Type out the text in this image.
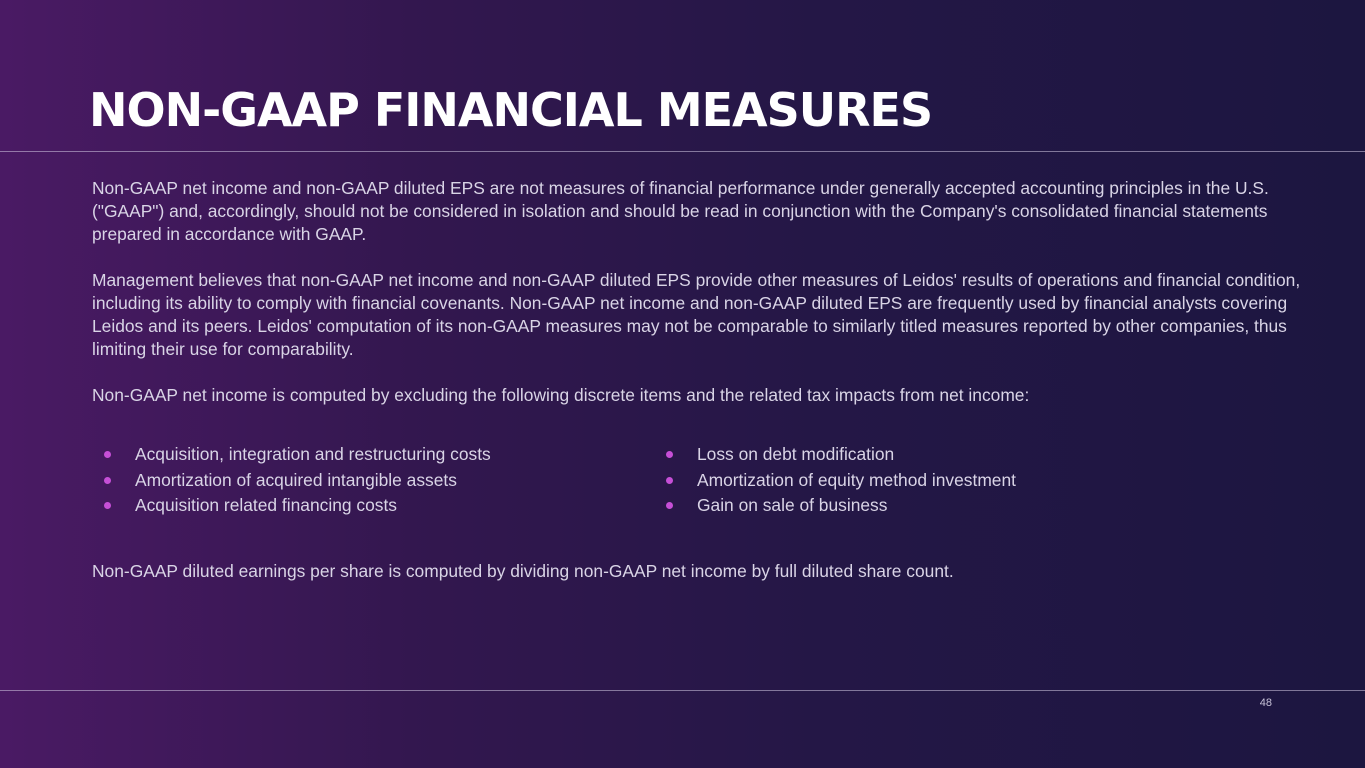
NON-GAAP FINANCIAL MEASURES

Non-GAAP net income and non-GAAP diluted EPS are not measures of financial performance under generally accepted accounting principles in the U.S. ("GAAP") and, accordingly, should not be considered in isolation and should be read in conjunction with the Company's consolidated financial statements prepared in accordance with GAAP.

Management believes that non-GAAP net income and non-GAAP diluted EPS provide other measures of Leidos' results of operations and financial condition, including its ability to comply with financial covenants. Non-GAAP net income and non-GAAP diluted EPS are frequently used by financial analysts covering Leidos and its peers. Leidos' computation of its non-GAAP measures may not be comparable to similarly titled measures reported by other companies, thus limiting their use for comparability.

Non-GAAP net income is computed by excluding the following discrete items and the related tax impacts from net income:

Acquisition, integration and restructuring costs
Amortization of acquired intangible assets
Acquisition related financing costs
Loss on debt modification
Amortization of equity method investment
Gain on sale of business

Non-GAAP diluted earnings per share is computed by dividing non-GAAP net income by full diluted share count.

48
